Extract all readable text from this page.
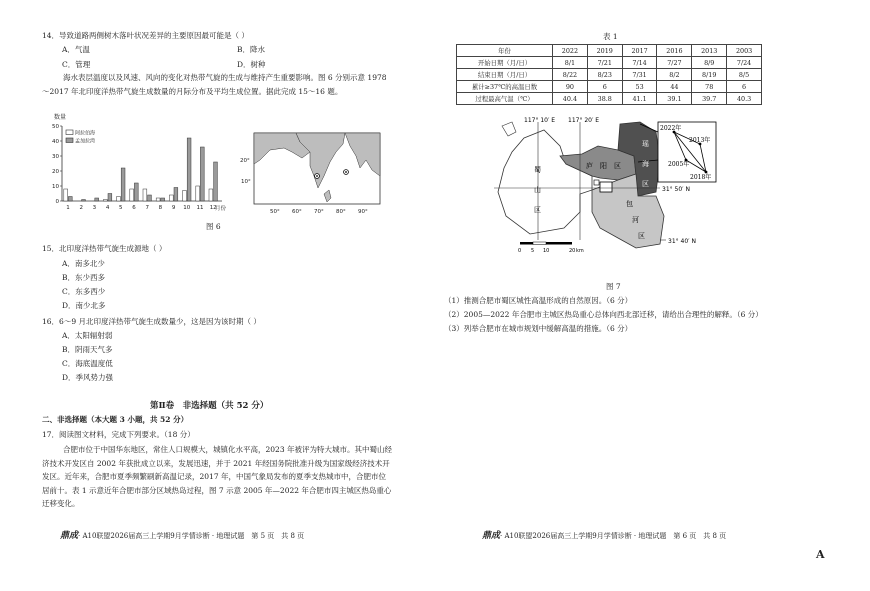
14．导致道路两侧树木落叶状况差异的主要原因最可能是（ ）
A．气温	B．降水
C．管理	D．树种
海水表层温度以及风速、风向的变化对热带气旋的生成与维持产生重要影响。图 6 分别示意 1978～2017 年北印度洋热带气旋生成数量的月际分布及平均生成位置。据此完成 15～16 题。
数量
0
10
20
30
40
50
1 2 3 4 5 6 7 8 9 10 11 12
月份
阿拉伯海
孟加拉湾
20°
10°
50° 60° 70° 80° 90°
图 6
15．北印度洋热带气旋生成源地（ ）
A．南多北少
B．东少西多
C．东多西少
D．南少北多
16．6～9 月北印度洋热带气旋生成数量少，这是因为该时期（ ）
A．太阳辐射弱
B．阴雨天气多
C．海底温度低
D．季风势力强
第Ⅱ卷　非选择题（共 52 分）
二、非选择题（本大题 3 小题，共 52 分）
17．阅读图文材料，完成下列要求。（18 分）
合肥市位于中国华东地区，常住人口规模大，城镇化水平高，2023 年被评为特大城市。其中蜀山经济技术开发区自 2002 年获批成立以来，发展迅速，并于 2021 年经国务院批准升级为国家级经济技术开发区。近年来，合肥市夏季频繁刷新高温记录，2017 年，中国气象局发布的夏季支热城市中，合肥市位居前十。表 1 示意近年合肥市部分区域热岛过程，图 7 示意 2005 年—2022 年合肥市四主城区热岛重心迁移变化。
鼎成· A10联盟2026届高三上学期9月学情诊断 · 地理试题　第 5 页　共 8 页
表 1
年份	2022	2019	2017	2016	2013	2003
开始日期（月/日）	8/1	7/21	7/14	7/27	8/9	7/24
结束日期（月/日）	8/22	8/23	7/31	8/2	8/19	8/5
累计≥37℃的高温日数	90	6	53	44	78	6
过程最高气温（℃）	40.4	38.8	41.1	39.1	39.7	40.3
2022年
2013年
2005年
2018年
蜀
山
区
庐 阳 区
瑶
海
区
包
河
区
117° 10′ E 117° 20′ E
31° 50′ N
31° 40′ N
0 5 10	20 km
图 7
（1）推测合肥市蜀区城性高温形成的自然原因。（6 分）
（2）2005—2022 年合肥市主城区热岛重心总体向西北部迁移，请给出合理性的解释。（6 分）
（3）列举合肥市在城市规划中缓解高温的措施。（6 分）
鼎成· A10联盟2026届高三上学期9月学情诊断 · 地理试题　第 6 页　共 8 页
A
